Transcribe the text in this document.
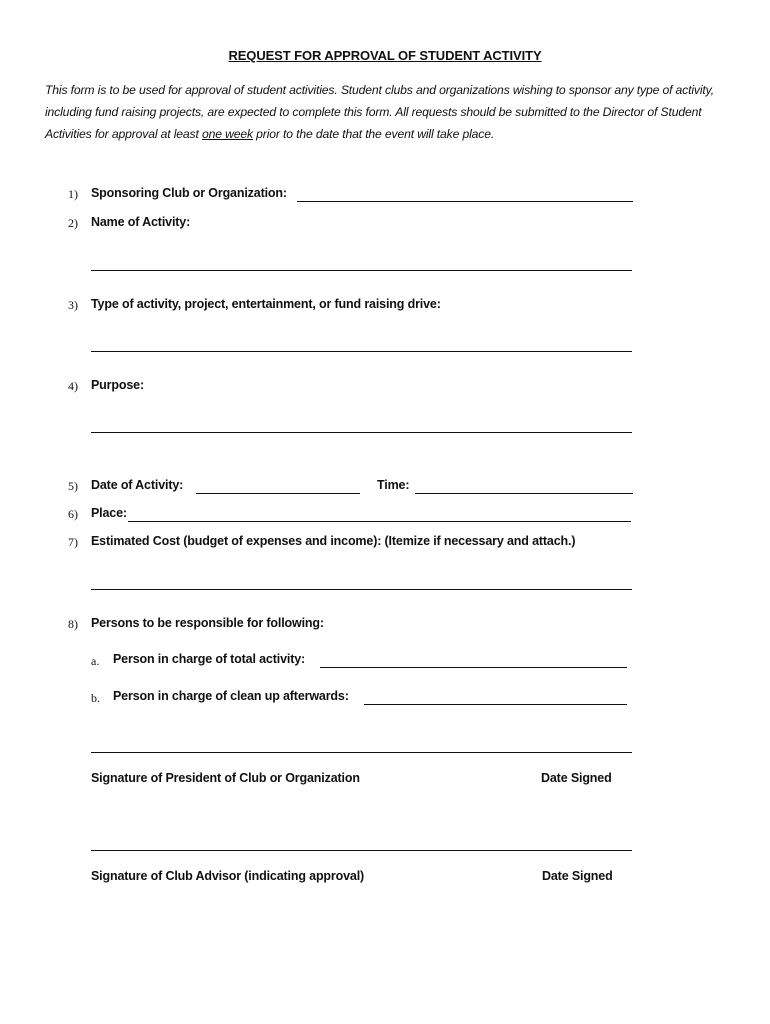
REQUEST FOR APPROVAL OF STUDENT ACTIVITY
This form is to be used for approval of student activities. Student clubs and organizations wishing to sponsor any type of activity, including fund raising projects, are expected to complete this form. All requests should be submitted to the Director of Student Activities for approval at least one week prior to the date that the event will take place.
1) Sponsoring Club or Organization:
2) Name of Activity:
3) Type of activity, project, entertainment, or fund raising drive:
4) Purpose:
5) Date of Activity:	Time:
6) Place:
7) Estimated Cost (budget of expenses and income): (Itemize if necessary and attach.)
8) Persons to be responsible for following:
a. Person in charge of total activity:
b. Person in charge of clean up afterwards:
Signature of President of Club or Organization	Date Signed
Signature of Club Advisor (indicating approval)	Date Signed
